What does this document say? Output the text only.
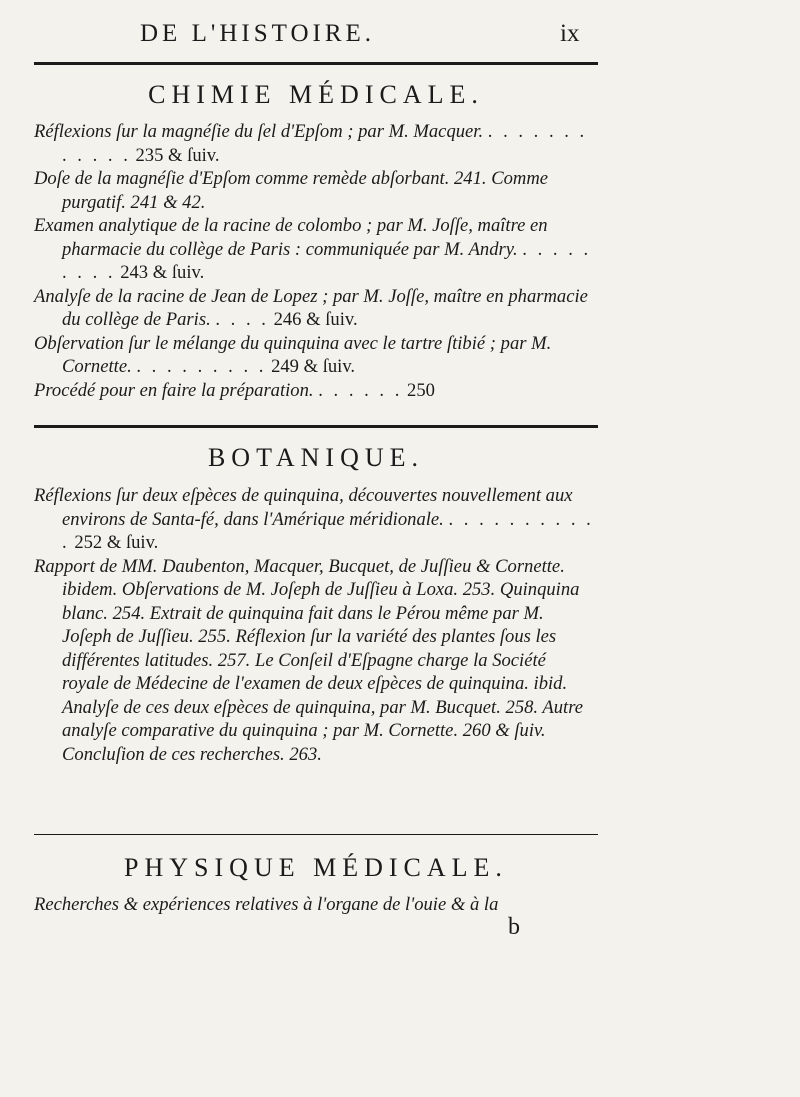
DE L'HISTOIRE.	ix
CHIMIE MÉDICALE.

Réflexions ſur la magnéſie du ſel d'Epſom ; par M. Macquer. . . . . . . . . . . . . 235 & ſuiv.

Doſe de la magnéſie d'Epſom comme remède abſorbant. 241. Comme purgatif. 241 & 42.

Examen analytique de la racine de colombo ; par M. Joſſe, maître en pharmacie du collège de Paris : communiquée par M. Andry. . . . . . . . . . 243 & ſuiv.

Analyſe de la racine de Jean de Lopez ; par M. Joſſe, maître en pharmacie du collège de Paris. . . . . 246 & ſuiv.

Obſervation ſur le mélange du quinquina avec le tartre ſtibié ; par M. Cornette. . . . . . . . . . 249 & ſuiv.

Procédé pour en faire la préparation. . . . . . . 250

BOTANIQUE.

Réflexions ſur deux eſpèces de quinquina, découvertes nouvellement aux environs de Santa-fé, dans l'Amérique méridionale. . . . . . . . . . . . 252 & ſuiv.

Rapport de MM. Daubenton, Macquer, Bucquet, de Juſſieu & Cornette. ibidem. Obſervations de M. Joſeph de Juſſieu à Loxa. 253. Quinquina blanc. 254. Extrait de quinquina fait dans le Pérou même par M. Joſeph de Juſſieu. 255. Réflexion ſur la variété des plantes ſous les différentes latitudes. 257. Le Conſeil d'Eſpagne charge la Société royale de Médecine de l'examen de deux eſpèces de quinquina. ibid. Analyſe de ces deux eſpèces de quinquina, par M. Bucquet. 258. Autre analyſe comparative du quinquina ; par M. Cornette. 260 & ſuiv. Concluſion de ces recherches. 263.

PHYSIQUE MÉDICALE.

Recherches & expériences relatives à l'organe de l'ouie & à la

b
